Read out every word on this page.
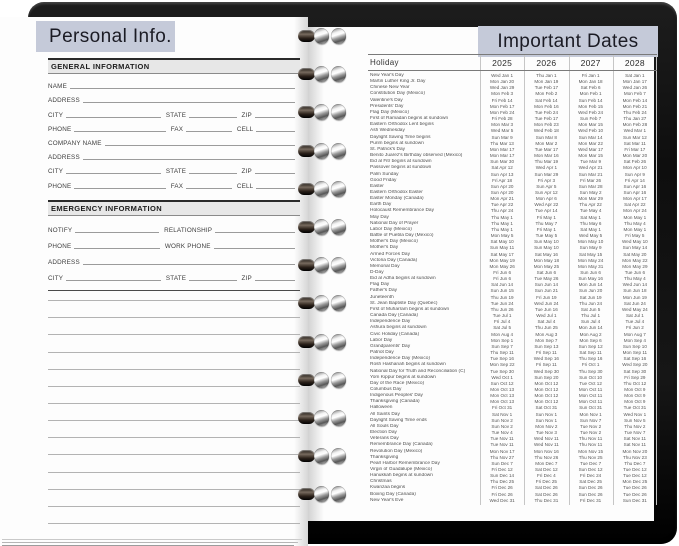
Personal Info.
GENERAL INFORMATION
NAME
ADDRESS
CITY	STATE	ZIP
PHONE	FAX	CELL
COMPANY NAME
ADDRESS
CITY	STATE	ZIP
PHONE	FAX	CELL
EMERGENCY INFORMATION
NOTIFY	RELATIONSHIP
PHONE	WORK PHONE
ADDRESS
CITY	STATE	ZIP
Important Dates
Holiday	2025	2026	2027	2028
New Year's Day	Wed Jan 1	Thu Jan 1	Fri Jan 1	Sat Jan 1
Martin Luther King Jr. Day	Mon Jan 20	Mon Jan 19	Mon Jan 18	Mon Jan 17
Chinese New Year	Wed Jan 29	Tue Feb 17	Sat Feb 6	Wed Jan 26
Constitution Day (Mexico)	Mon Feb 3	Mon Feb 2	Mon Feb 1	Mon Feb 7
Valentine's Day	Fri Feb 14	Sat Feb 14	Sun Feb 14	Mon Feb 14
Presidents' Day	Mon Feb 17	Mon Feb 16	Mon Feb 15	Mon Feb 21
Flag Day (Mexico)	Mon Feb 24	Tue Feb 24	Wed Feb 24	Thu Feb 24
First of Ramadan begins at sundown	Fri Feb 28	Tue Feb 17	Sun Feb 7	Thu Jan 27
Eastern Orthodox Lent begins	Mon Mar 3	Mon Feb 23	Mon Mar 15	Mon Feb 28
Ash Wednesday	Wed Mar 5	Wed Feb 18	Wed Feb 10	Wed Mar 1
Daylight Saving Time begins	Sun Mar 9	Sun Mar 8	Sun Mar 14	Sun Mar 12
Purim begins at sundown	Thu Mar 13	Mon Mar 2	Mon Mar 22	Sat Mar 11
St. Patrick's Day	Mon Mar 17	Tue Mar 17	Wed Mar 17	Fri Mar 17
Benito Juarez's Birthday observed (Mexico)	Mon Mar 17	Mon Mar 16	Mon Mar 15	Mon Mar 20
Eid al Fitr begins at sundown	Sun Mar 30	Thu Mar 19	Tue Mar 9	Sat Feb 26
Passover begins at sundown	Sat Apr 12	Wed Apr 1	Wed Apr 21	Mon Apr 10
Palm Sunday	Sun Apr 13	Sun Mar 29	Sun Mar 21	Sun Apr 9
Good Friday	Fri Apr 18	Fri Apr 3	Fri Mar 26	Fri Apr 14
Easter	Sun Apr 20	Sun Apr 5	Sun Mar 28	Sun Apr 16
Eastern Orthodox Easter	Sun Apr 20	Sun Apr 12	Sun May 2	Sun Apr 16
Easter Monday (Canada)	Mon Apr 21	Mon Apr 6	Mon Mar 29	Mon Apr 17
Earth Day	Tue Apr 22	Wed Apr 22	Thu Apr 22	Sat Apr 22
Holocaust Remembrance Day	Thu Apr 24	Tue Apr 14	Tue May 4	Mon Apr 24
May Day	Thu May 1	Fri May 1	Sat May 1	Mon May 1
National Day of Prayer	Thu May 1	Thu May 7	Thu May 6	Thu May 4
Labor Day (Mexico)	Thu May 1	Fri May 1	Sat May 1	Mon May 1
Battle of Puebla Day (Mexico)	Mon May 5	Tue May 5	Wed May 5	Fri May 5
Mother's Day (Mexico)	Sat May 10	Sun May 10	Mon May 10	Wed May 10
Mother's Day	Sun May 11	Sun May 10	Sun May 9	Sun May 14
Armed Forces Day	Sat May 17	Sat May 16	Sat May 15	Sat May 20
Victoria Day (Canada)	Mon May 19	Mon May 18	Mon May 24	Mon May 22
Memorial Day	Mon May 26	Mon May 25	Mon May 31	Mon May 29
D-Day	Fri Jun 6	Sat Jun 6	Sun Jun 6	Tue Jun 6
Eid al Adha begins at sundown	Fri Jun 6	Tue May 26	Sun May 16	Thu May 4
Flag Day	Sat Jun 14	Sun Jun 14	Mon Jun 14	Wed Jun 14
Father's Day	Sun Jun 15	Sun Jun 21	Sun Jun 20	Sun Jun 18
Juneteenth	Thu Jun 19	Fri Jun 19	Sat Jun 19	Mon Jun 19
St. Jean Baptiste Day (Quebec)	Tue Jun 24	Wed Jun 24	Thu Jun 24	Sat Jun 24
First of Muharram begins at sundown	Thu Jun 26	Tue Jun 16	Sat Jun 5	Wed May 24
Canada Day (Canada)	Tue Jul 1	Wed Jul 1	Thu Jul 1	Sat Jul 1
Independence Day	Fri Jul 4	Sat Jul 4	Sun Jul 4	Tue Jul 4
Ashura begins at sundown	Sat Jul 5	Thu Jun 25	Mon Jun 14	Fri Jun 2
Civic Holiday (Canada)	Mon Aug 4	Mon Aug 3	Mon Aug 2	Mon Aug 7
Labor Day	Mon Sep 1	Mon Sep 7	Mon Sep 6	Mon Sep 4
Grandparents' Day	Sun Sep 7	Sun Sep 13	Sun Sep 12	Sun Sep 10
Patriot Day	Thu Sep 11	Fri Sep 11	Sat Sep 11	Mon Sep 11
Independence Day (Mexico)	Tue Sep 16	Wed Sep 16	Thu Sep 16	Sat Sep 16
Rosh Hashanah begins at sundown	Mon Sep 22	Fri Sep 11	Fri Oct 1	Wed Sep 20
National Day for Truth and Reconciliation (C)	Tue Sep 30	Wed Sep 30	Thu Sep 30	Sat Sep 30
Yom Kippur begins at sundown	Wed Oct 1	Sun Sep 20	Sun Oct 10	Fri Sep 29
Day of the Race (Mexico)	Sun Oct 12	Mon Oct 12	Tue Oct 12	Thu Oct 12
Columbus Day	Mon Oct 13	Mon Oct 12	Mon Oct 11	Mon Oct 9
Indigenous Peoples' Day	Mon Oct 13	Mon Oct 12	Mon Oct 11	Mon Oct 9
Thanksgiving (Canada)	Mon Oct 13	Mon Oct 12	Mon Oct 11	Mon Oct 9
Halloween	Fri Oct 31	Sat Oct 31	Sun Oct 31	Tue Oct 31
All Saints Day	Sat Nov 1	Sun Nov 1	Mon Nov 1	Wed Nov 1
Daylight Saving Time ends	Sun Nov 2	Sun Nov 1	Sun Nov 7	Sun Nov 5
All Souls Day	Sun Nov 2	Mon Nov 2	Tue Nov 2	Thu Nov 2
Election Day	Tue Nov 4	Tue Nov 3	Tue Nov 2	Tue Nov 7
Veterans Day	Tue Nov 11	Wed Nov 11	Thu Nov 11	Sat Nov 11
Remembrance Day (Canada)	Tue Nov 11	Wed Nov 11	Thu Nov 11	Sat Nov 11
Revolution Day (Mexico)	Mon Nov 17	Mon Nov 16	Mon Nov 15	Mon Nov 20
Thanksgiving	Thu Nov 27	Thu Nov 26	Thu Nov 25	Thu Nov 23
Pearl Harbor Remembrance Day	Sun Dec 7	Mon Dec 7	Tue Dec 7	Thu Dec 7
Virgin of Guadalupe (Mexico)	Fri Dec 12	Sat Dec 12	Sun Dec 12	Tue Dec 12
Hanukkah begins at sundown	Sun Dec 14	Fri Dec 4	Fri Dec 24	Tue Dec 12
Christmas	Thu Dec 25	Fri Dec 25	Sat Dec 25	Mon Dec 25
Kwanzaa begins	Fri Dec 26	Sat Dec 26	Sun Dec 26	Tue Dec 26
Boxing Day (Canada)	Fri Dec 26	Sat Dec 26	Sun Dec 26	Tue Dec 26
New Year's Eve	Wed Dec 31	Thu Dec 31	Fri Dec 31	Sun Dec 31
